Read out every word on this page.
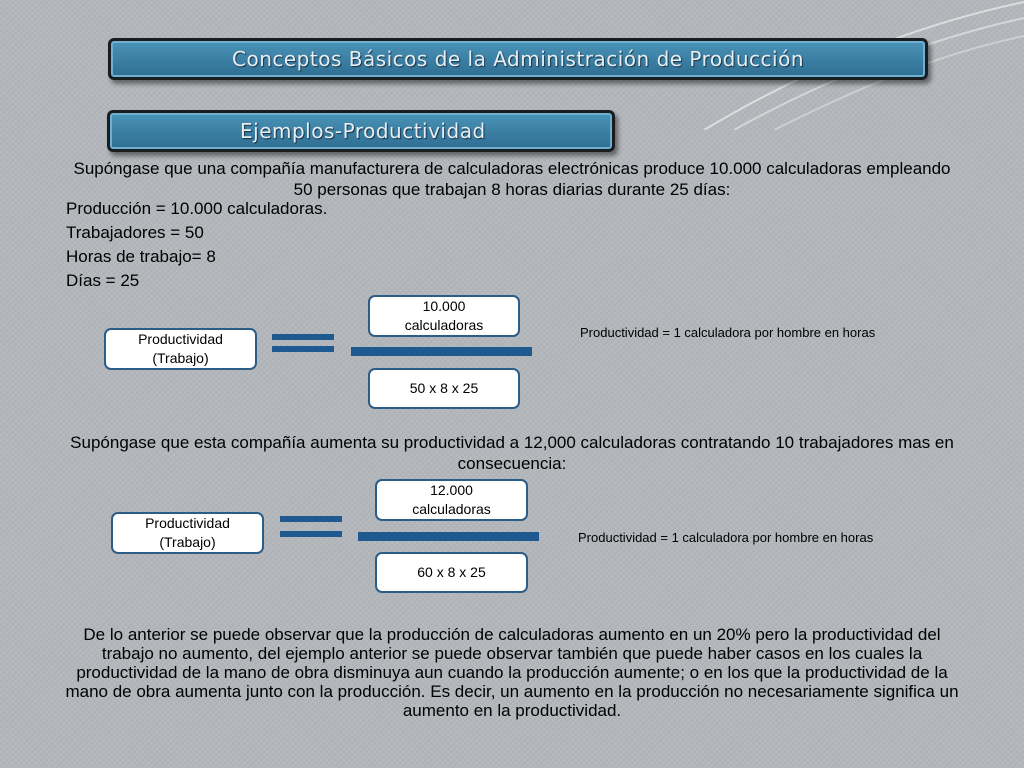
Conceptos Básicos de la Administración de Producción
Ejemplos-Productividad
Supóngase que una compañía manufacturera de calculadoras electrónicas produce 10.000 calculadoras empleando 50 personas que trabajan 8 horas diarias durante 25 días:
Producción = 10.000 calculadoras.
Trabajadores = 50
Horas de trabajo= 8
Días = 25
Productividad (Trabajo)
10.000 calculadoras
50 x 8 x 25
Productividad = 1 calculadora por hombre en horas
Supóngase que esta compañía aumenta su productividad a 12,000 calculadoras contratando 10 trabajadores mas en consecuencia:
Productividad (Trabajo)
12.000 calculadoras
60 x 8 x 25
Productividad = 1 calculadora por hombre en horas
De lo anterior se puede observar que la producción de calculadoras aumento en un 20% pero la productividad del trabajo no aumento, del ejemplo anterior se puede observar también que puede haber casos en los cuales la productividad de la mano de obra disminuya aun cuando la producción aumente; o en los que la productividad de la mano de obra aumenta junto con la producción. Es decir, un aumento en la producción no necesariamente significa un aumento en la productividad.
